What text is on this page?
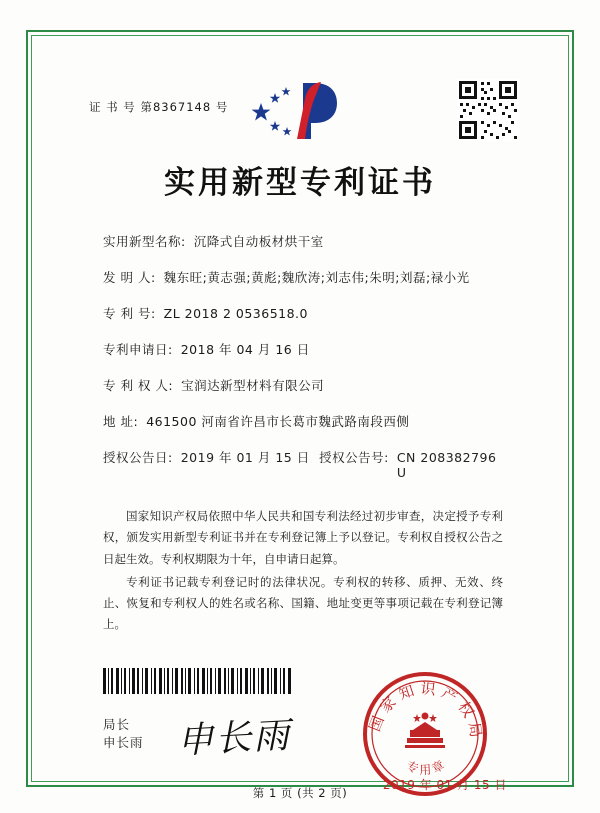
证 书 号 第8367148 号
实用新型专利证书
实用新型名称: 沉降式自动板材烘干室
发 明 人: 魏东旺;黄志强;黄彪;魏欣涛;刘志伟;朱明;刘磊;禄小光
专 利 号: ZL 2018 2 0536518.0
专利申请日: 2018 年 04 月 16 日
专 利 权 人: 宝润达新型材料有限公司
地 址: 461500 河南省许昌市长葛市魏武路南段西侧
授权公告日: 2019 年 01 月 15 日 授权公告号: CN 208382796 U

国家知识产权局依照中华人民共和国专利法经过初步审查，决定授予专利权，颁发实用新型专利证书并在专利登记簿上予以登记。专利权自授权公告之日起生效。专利权期限为十年，自申请日起算。

专利证书记载专利登记时的法律状况。专利权的转移、质押、无效、终止、恢复和专利权人的姓名或名称、国籍、地址变更等事项记载在专利登记簿上。

局长
申长雨 申长雨	国家知识产权局
专用章
2019 年 01 月 15 日
第 1 页 (共 2 页)
